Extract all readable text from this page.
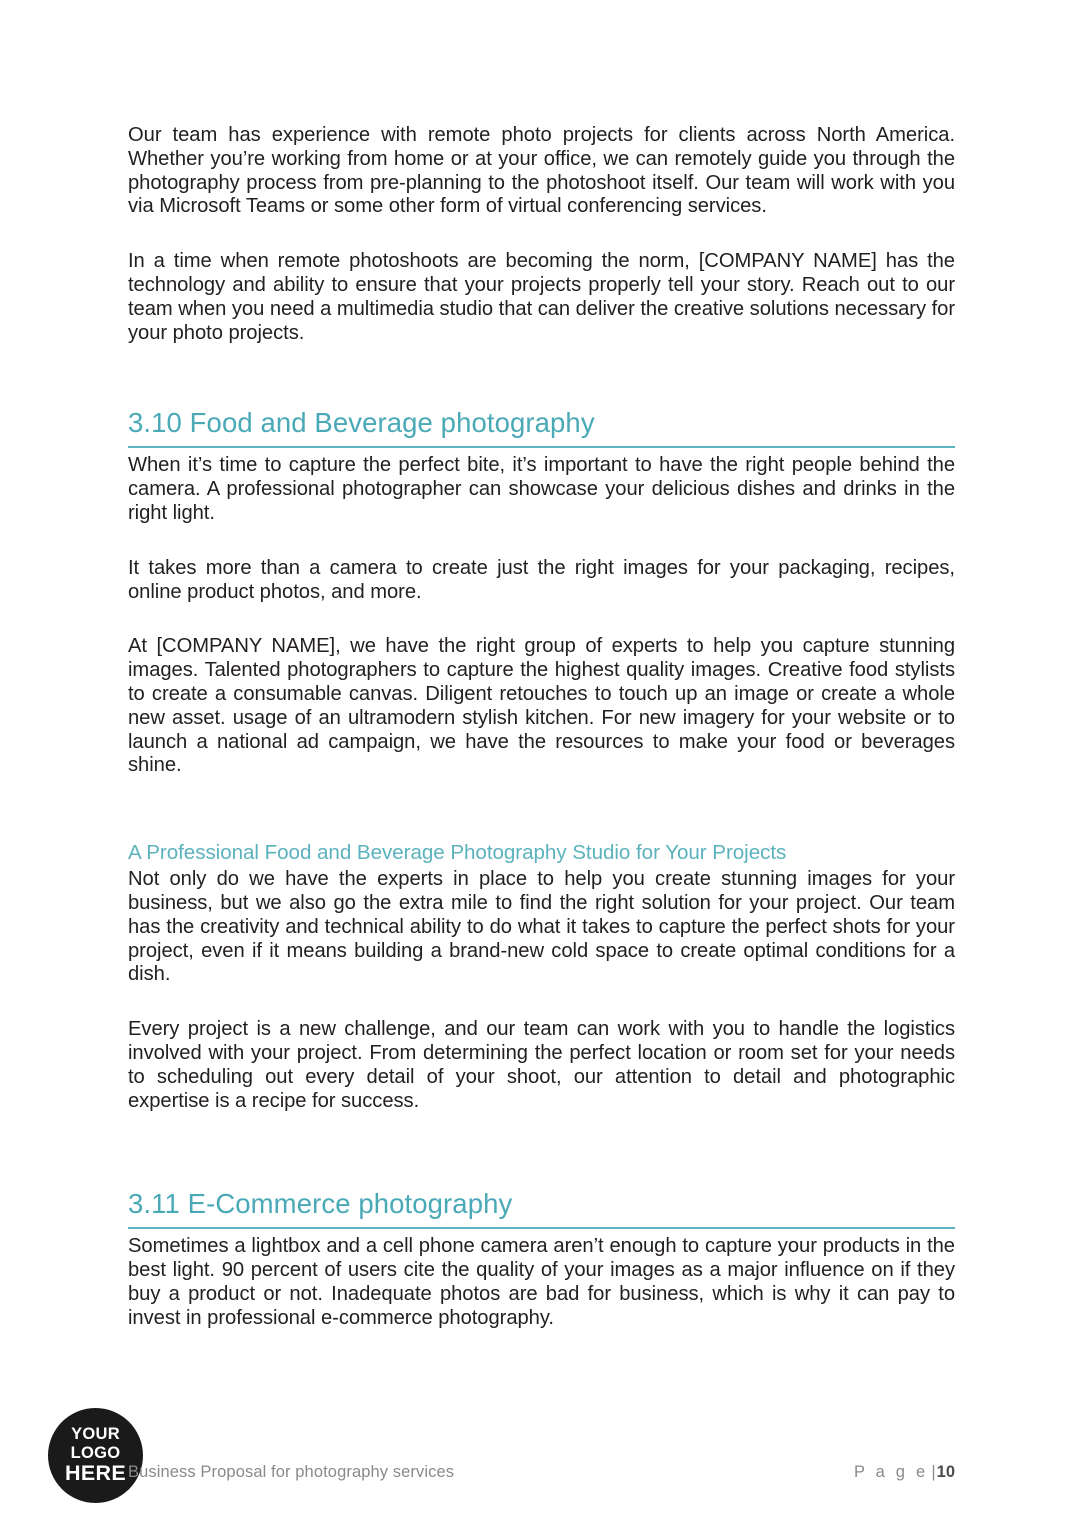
Our team has experience with remote photo projects for clients across North America. Whether you’re working from home or at your office, we can remotely guide you through the photography process from pre-planning to the photoshoot itself. Our team will work with you via Microsoft Teams or some other form of virtual conferencing services.

In a time when remote photoshoots are becoming the norm, [COMPANY NAME] has the technology and ability to ensure that your projects properly tell your story. Reach out to our team when you need a multimedia studio that can deliver the creative solutions necessary for your photo projects.

3.10 Food and Beverage photography

When it’s time to capture the perfect bite, it’s important to have the right people behind the camera. A professional photographer can showcase your delicious dishes and drinks in the right light.

It takes more than a camera to create just the right images for your packaging, recipes, online product photos, and more.

At [COMPANY NAME], we have the right group of experts to help you capture stunning images. Talented photographers to capture the highest quality images. Creative food stylists to create a consumable canvas. Diligent retouches to touch up an image or create a whole new asset. usage of an ultramodern stylish kitchen. For new imagery for your website or to launch a national ad campaign, we have the resources to make your food or beverages shine.

A Professional Food and Beverage Photography Studio for Your Projects

Not only do we have the experts in place to help you create stunning images for your business, but we also go the extra mile to find the right solution for your project. Our team has the creativity and technical ability to do what it takes to capture the perfect shots for your project, even if it means building a brand-new cold space to create optimal conditions for a dish.

Every project is a new challenge, and our team can work with you to handle the logistics involved with your project. From determining the perfect location or room set for your needs to scheduling out every detail of your shoot, our attention to detail and photographic expertise is a recipe for success.

3.11 E-Commerce photography

Sometimes a lightbox and a cell phone camera aren’t enough to capture your products in the best light. 90 percent of users cite the quality of your images as a major influence on if they buy a product or not. Inadequate photos are bad for business, which is why it can pay to invest in professional e-commerce photography.

YOUR
LOGO
HERE Business Proposal for photography services	P a g e |10
